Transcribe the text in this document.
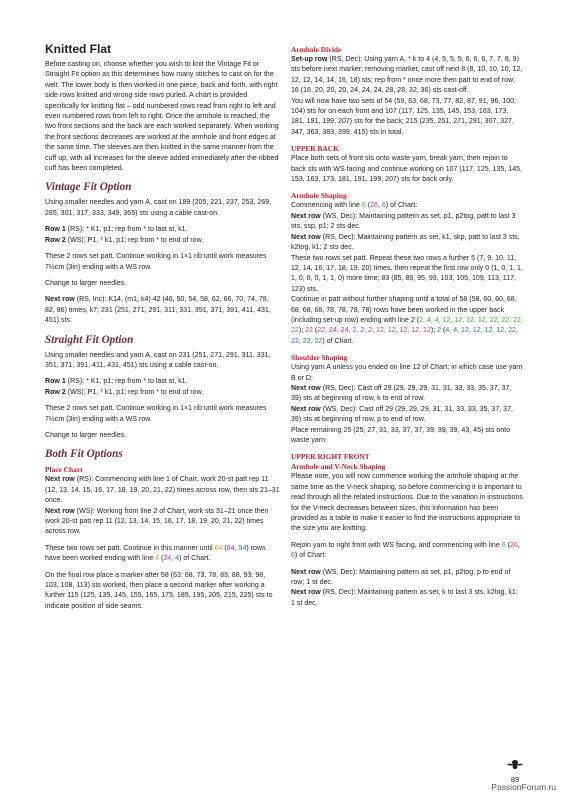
Knitted Flat

Before casting on, choose whether you wish to knit the Vintage Fit or Straight Fit option as this determines how many stitches to cast on for the welt. The lower body is then worked in one piece, back and forth, with right side rows knitted and wrong side rows purled. A chart is provided specifically for knitting flat – odd numbered rows read from right to left and even numbered rows from left to right. Once the armhole is reached, the two front sections and the back are each worked separately. When working the front sections decreases are worked at the armhole and front edges at the same time. The sleeves are then knitted in the same manner from the cuff up, with all increases for the sleeve added immediately after the ribbed cuff has been completed.

Vintage Fit Option

Using smaller needles and yarn A, cast on 189 (205, 221, 237, 253, 269, 285, 301, 317, 333, 349, 365) sts using a cable cast-on.

Row 1 (RS): * K1, p1; rep from * to last st, k1.

Row 2 (WS): P1, * k1, p1; rep from * to end of row.

These 2 rows set patt. Continue working in 1×1 rib until work measures 7½cm (3in) ending with a WS row.

Change to larger needles.

Next row (RS, Inc): K14, (m1, k4) 42 (46, 50, 54, 58, 62, 66, 70, 74, 78, 82, 86) times, k7; 231 (251, 271, 291, 311, 331, 351, 371, 391, 411, 431, 451) sts.

Straight Fit Option

Using smaller needles and yarn A, cast on 231 (251, 271, 291, 311, 331, 351, 371, 391, 411, 431, 451) sts using a cable cast-on.

Row 1 (RS): * K1, p1; rep from * to last st, k1.

Row 2 (WS): P1, * k1, p1; rep from * to end of row.

These 2 rows set patt. Continue working in 1×1 rib until work measures 7½cm (3in) ending with a WS row.

Change to larger needles.

Both Fit Options
Place Chart

Next row (RS): Commencing with line 1 of Chart, work 20-st patt rep 11 (12, 13, 14, 15, 16, 17, 18, 19, 20, 21, 22) times across row, then sts 21–31 once.

Next row (WS): Working from line 2 of Chart, work sts 31–21 once then work 20-st patt rep 11 (12, 13, 14, 15, 16, 17, 18, 19, 20, 21, 22) times across row.

These two rows set patt. Continue in this manner until 64 (84, 94) rows have been worked ending with line 4 (24, 4) of Chart.

On the final row place a marker after 58 (63, 68, 73, 78, 83, 88, 93, 98, 103, 108, 113) sts worked, then place a second marker after working a further 115 (125, 135, 145, 155, 165, 175, 185, 195, 205, 215, 225) sts to indicate position of side seams.

Armhole Divide

Set-up row (RS, Dec): Using yarn A, * k to 4 (4, 5, 5, 5, 6, 6, 6, 7, 7, 8, 9) sts before next marker; removing marker, cast off next 8 (8, 10, 10, 10, 12, 12, 12, 14, 14, 16, 18) sts; rep from * once more then patt to end of row; 16 (16, 20, 20, 20, 24, 24, 24, 28, 28, 32, 36) sts cast-off.

You will now have two sets of 54 (59, 63, 68, 73, 77, 82, 87, 91, 96, 100, 104) sts for on each front and 107 (117, 125, 135, 145, 153, 163, 173, 181, 191, 199, 207) sts for the back; 215 (235, 251, 271, 291, 307, 327, 347, 363, 383, 399, 415) sts in total.

UPPER BACK

Place both sets of front sts onto waste yarn, break yarn, then rejoin to back sts with WS facing and continue working on 107 (117, 125, 135, 145, 153, 163, 173, 181, 191, 199, 207) sts for back only.

Armhole Shaping

Commencing with line 6 (26, 6) of Chart:

Next row (WS, Dec): Maintaining pattern as set, p1, p2tog, patt to last 3 sts, ssp, p1; 2 sts dec.

Next row (RS, Dec): Maintaining pattern as set, k1, skp, patt to last 3 sts, k2tog, k1; 2 sts dec.

These two rows set patt. Repeat these two rows a further 5 (7, 9, 10, 11, 12, 14, 16, 17, 18, 19, 20) times, then repeat the first row only 0 (1, 0, 1, 1, 1, 0, 0, 0, 1, 1, 0) more time; 83 (85, 89, 95, 99, 103, 105, 109, 113, 117, 123) sts.

Continue in patt without further shaping until a total of 58 (58, 60, 60, 68, 68, 68, 68, 78, 78, 78, 78) rows have been worked in the upper back (including set-up row) ending with line 2 (2, 4, 4, 12, 12, 12, 12, 22, 22, 22, 22); 22 (22, 24, 24, 2, 2, 2, 12, 12, 12, 12, 12); 2 (4, 4, 12, 12, 12, 12, 22, 22, 22, 22) of Chart.

Shoulder Shaping

Using yarn A unless you ended on line 12 of Chart; in which case use yarn B or D:

Next row (RS, Dec): Cast off 29 (29, 29, 29, 31, 31, 33, 33, 35, 37, 37, 39) sts at beginning of row, k to end of row.

Next row (WS, Dec): Cast off 29 (29, 29, 29, 31, 31, 33, 33, 35, 37, 37, 39) sts at beginning of row, p to end of row.

Place remaining 25 (25, 27, 31, 33, 37, 37, 39, 39, 39, 43, 45) sts onto waste yarn.

UPPER RIGHT FRONT
Armhole and V-Neck Shaping

Please note, you will now commence working the armhole shaping at the same time as the V-neck shaping, so before commencing it is important to read through all the related instructions. Due to the variation in instructions for the V-neck decreases between sizes, this information has been provided as a table to make it easier to find the instructions appropriate to the size you are knitting.

Rejoin yarn to right front with WS facing, and commencing with line 6 (26, 6) of Chart:

Next row (WS, Dec): Maintaining pattern as set, p1, p2tog, p to end of row; 1 st dec.

Next row (RS, Dec): Maintaining pattern as set, k to last 3 sts, k2tog, k1; 1 st dec.

89
PassionForum.ru
